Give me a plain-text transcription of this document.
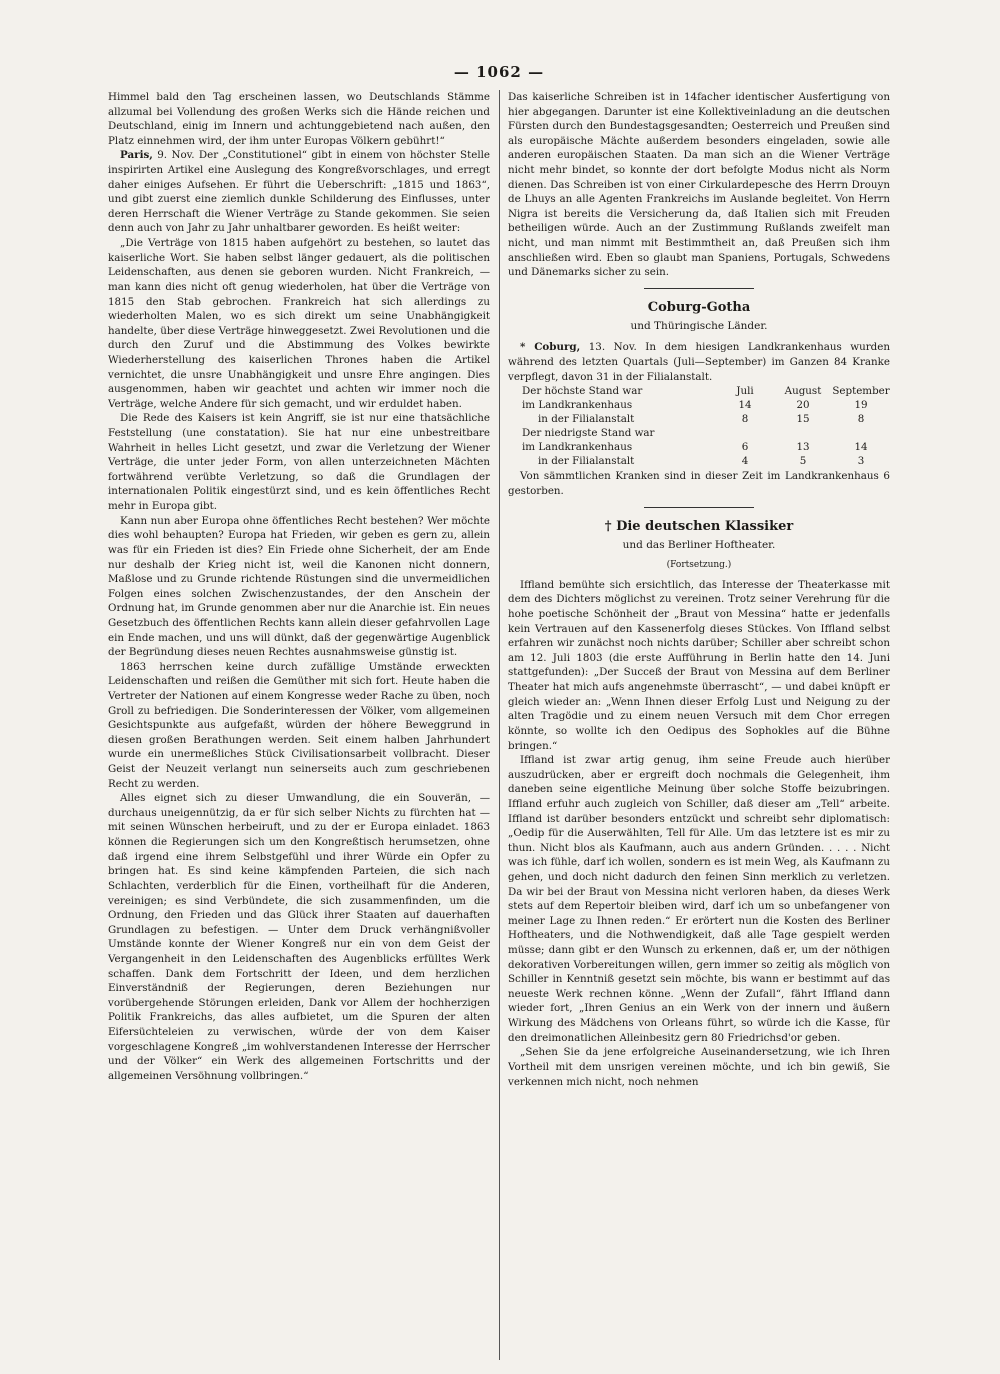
— 1062 —

Himmel bald den Tag erscheinen lassen, wo Deutschlands Stämme allzumal bei Vollendung des großen Werks sich die Hände reichen und Deutschland, einig im Innern und achtunggebietend nach außen, den Platz einnehmen wird, der ihm unter Europas Völkern gebührt!“

Paris, 9. Nov. Der „Constitutionel“ gibt in einem von höchster Stelle inspirirten Artikel eine Auslegung des Kongreßvorschlages, und erregt daher einiges Aufsehen. Er führt die Ueberschrift: „1815 und 1863“, und gibt zuerst eine ziemlich dunkle Schilderung des Einflusses, unter deren Herrschaft die Wiener Verträge zu Stande gekommen. Sie seien denn auch von Jahr zu Jahr unhaltbarer geworden. Es heißt weiter:

„Die Verträge von 1815 haben aufgehört zu bestehen, so lautet das kaiserliche Wort. Sie haben selbst länger gedauert, als die politischen Leidenschaften, aus denen sie geboren wurden. Nicht Frankreich, — man kann dies nicht oft genug wiederholen, hat über die Verträge von 1815 den Stab gebrochen. Frankreich hat sich allerdings zu wiederholten Malen, wo es sich direkt um seine Unabhängigkeit handelte, über diese Verträge hinweggesetzt. Zwei Revolutionen und die durch den Zuruf und die Abstimmung des Volkes bewirkte Wiederherstellung des kaiserlichen Thrones haben die Artikel vernichtet, die unsre Unabhängigkeit und unsre Ehre angingen. Dies ausgenommen, haben wir geachtet und achten wir immer noch die Verträge, welche Andere für sich gemacht, und wir erduldet haben.

Die Rede des Kaisers ist kein Angriff, sie ist nur eine thatsächliche Feststellung (une constatation). Sie hat nur eine unbestreitbare Wahrheit in helles Licht gesetzt, und zwar die Verletzung der Wiener Verträge, die unter jeder Form, von allen unterzeichneten Mächten fortwährend verübte Verletzung, so daß die Grundlagen der internationalen Politik eingestürzt sind, und es kein öffentliches Recht mehr in Europa gibt.

Kann nun aber Europa ohne öffentliches Recht bestehen? Wer möchte dies wohl behaupten? Europa hat Frieden, wir geben es gern zu, allein was für ein Frieden ist dies? Ein Friede ohne Sicherheit, der am Ende nur deshalb der Krieg nicht ist, weil die Kanonen nicht donnern, Maßlose und zu Grunde richtende Rüstungen sind die unvermeidlichen Folgen eines solchen Zwischenzustandes, der den Anschein der Ordnung hat, im Grunde genommen aber nur die Anarchie ist. Ein neues Gesetzbuch des öffentlichen Rechts kann allein dieser gefahrvollen Lage ein Ende machen, und uns will dünkt, daß der gegenwärtige Augenblick der Begründung dieses neuen Rechtes ausnahmsweise günstig ist.

1863 herrschen keine durch zufällige Umstände erweckten Leidenschaften und reißen die Gemüther mit sich fort. Heute haben die Vertreter der Nationen auf einem Kongresse weder Rache zu üben, noch Groll zu befriedigen. Die Sonderinteressen der Völker, vom allgemeinen Gesichtspunkte aus aufgefaßt, würden der höhere Beweggrund in diesen großen Berathungen werden. Seit einem halben Jahrhundert wurde ein unermeßliches Stück Civilisationsarbeit vollbracht. Dieser Geist der Neuzeit verlangt nun seinerseits auch zum geschriebenen Recht zu werden.

Alles eignet sich zu dieser Umwandlung, die ein Souverän, — durchaus uneigennützig, da er für sich selber Nichts zu fürchten hat — mit seinen Wünschen herbeiruft, und zu der er Europa einladet. 1863 können die Regierungen sich um den Kongreßtisch herumsetzen, ohne daß irgend eine ihrem Selbstgefühl und ihrer Würde ein Opfer zu bringen hat. Es sind keine kämpfenden Parteien, die sich nach Schlachten, verderblich für die Einen, vortheilhaft für die Anderen, vereinigen; es sind Verbündete, die sich zusammenfinden, um die Ordnung, den Frieden und das Glück ihrer Staaten auf dauerhaften Grundlagen zu befestigen. — Unter dem Druck verhängnißvoller Umstände konnte der Wiener Kongreß nur ein von dem Geist der Vergangenheit in den Leidenschaften des Augenblicks erfülltes Werk schaffen. Dank dem Fortschritt der Ideen, und dem herzlichen Einverständniß der Regierungen, deren Beziehungen nur vorübergehende Störungen erleiden, Dank vor Allem der hochherzigen Politik Frankreichs, das alles aufbietet, um die Spuren der alten Eifersüchteleien zu verwischen, würde der von dem Kaiser vorgeschlagene Kongreß „im wohlverstandenen Interesse der Herrscher und der Völker“ ein Werk des allgemeinen Fortschritts und der allgemeinen Versöhnung vollbringen.“

Das kaiserliche Schreiben ist in 14facher identischer Ausfertigung von hier abgegangen. Darunter ist eine Kollektiveinladung an die deutschen Fürsten durch den Bundestagsgesandten; Oesterreich und Preußen sind als europäische Mächte außerdem besonders eingeladen, sowie alle anderen europäischen Staaten. Da man sich an die Wiener Verträge nicht mehr bindet, so konnte der dort befolgte Modus nicht als Norm dienen. Das Schreiben ist von einer Cirkulardepesche des Herrn Drouyn de Lhuys an alle Agenten Frankreichs im Auslande begleitet. Von Herrn Nigra ist bereits die Versicherung da, daß Italien sich mit Freuden betheiligen würde. Auch an der Zustimmung Rußlands zweifelt man nicht, und man nimmt mit Bestimmtheit an, daß Preußen sich ihm anschließen wird. Eben so glaubt man Spaniens, Portugals, Schwedens und Dänemarks sicher zu sein.

Coburg-Gotha
und Thüringische Länder.

* Coburg, 13. Nov. In dem hiesigen Landkrankenhaus wurden während des letzten Quartals (Juli—September) im Ganzen 84 Kranke verpflegt, davon 31 in der Filialanstalt.

Der höchste Stand war	Juli	August	September
im Landkrankenhaus	14	20	19
in der Filialanstalt	8	15	8
Der niedrigste Stand war			
im Landkrankenhaus	6	13	14
in der Filialanstalt	4	5	3

Von sämmtlichen Kranken sind in dieser Zeit im Landkrankenhaus 6 gestorben.

† Die deutschen Klassiker
und das Berliner Hoftheater.
(Fortsetzung.)

Iffland bemühte sich ersichtlich, das Interesse der Theaterkasse mit dem des Dichters möglichst zu vereinen. Trotz seiner Verehrung für die hohe poetische Schönheit der „Braut von Messina“ hatte er jedenfalls kein Vertrauen auf den Kassenerfolg dieses Stückes. Von Iffland selbst erfahren wir zunächst noch nichts darüber; Schiller aber schreibt schon am 12. Juli 1803 (die erste Aufführung in Berlin hatte den 14. Juni stattgefunden): „Der Succeß der Braut von Messina auf dem Berliner Theater hat mich aufs angenehmste überrascht“, — und dabei knüpft er gleich wieder an: „Wenn Ihnen dieser Erfolg Lust und Neigung zu der alten Tragödie und zu einem neuen Versuch mit dem Chor erregen könnte, so wollte ich den Oedipus des Sophokles auf die Bühne bringen.“

Iffland ist zwar artig genug, ihm seine Freude auch hierüber auszudrücken, aber er ergreift doch nochmals die Gelegenheit, ihm daneben seine eigentliche Meinung über solche Stoffe beizubringen. Iffland erfuhr auch zugleich von Schiller, daß dieser am „Tell“ arbeite. Iffland ist darüber besonders entzückt und schreibt sehr diplomatisch: „Oedip für die Auserwählten, Tell für Alle. Um das letztere ist es mir zu thun. Nicht blos als Kaufmann, auch aus andern Gründen. . . . . Nicht was ich fühle, darf ich wollen, sondern es ist mein Weg, als Kaufmann zu gehen, und doch nicht dadurch den feinen Sinn merklich zu verletzen. Da wir bei der Braut von Messina nicht verloren haben, da dieses Werk stets auf dem Repertoir bleiben wird, darf ich um so unbefangener von meiner Lage zu Ihnen reden.“ Er erörtert nun die Kosten des Berliner Hoftheaters, und die Nothwendigkeit, daß alle Tage gespielt werden müsse; dann gibt er den Wunsch zu erkennen, daß er, um der nöthigen dekorativen Vorbereitungen willen, gern immer so zeitig als möglich von Schiller in Kenntniß gesetzt sein möchte, bis wann er bestimmt auf das neueste Werk rechnen könne. „Wenn der Zufall“, fährt Iffland dann wieder fort, „Ihren Genius an ein Werk von der innern und äußern Wirkung des Mädchens von Orleans führt, so würde ich die Kasse, für den dreimonatlichen Alleinbesitz gern 80 Friedrichsd'or geben.

„Sehen Sie da jene erfolgreiche Auseinandersetzung, wie ich Ihren Vortheil mit dem unsrigen vereinen möchte, und ich bin gewiß, Sie verkennen mich nicht, noch nehmen
